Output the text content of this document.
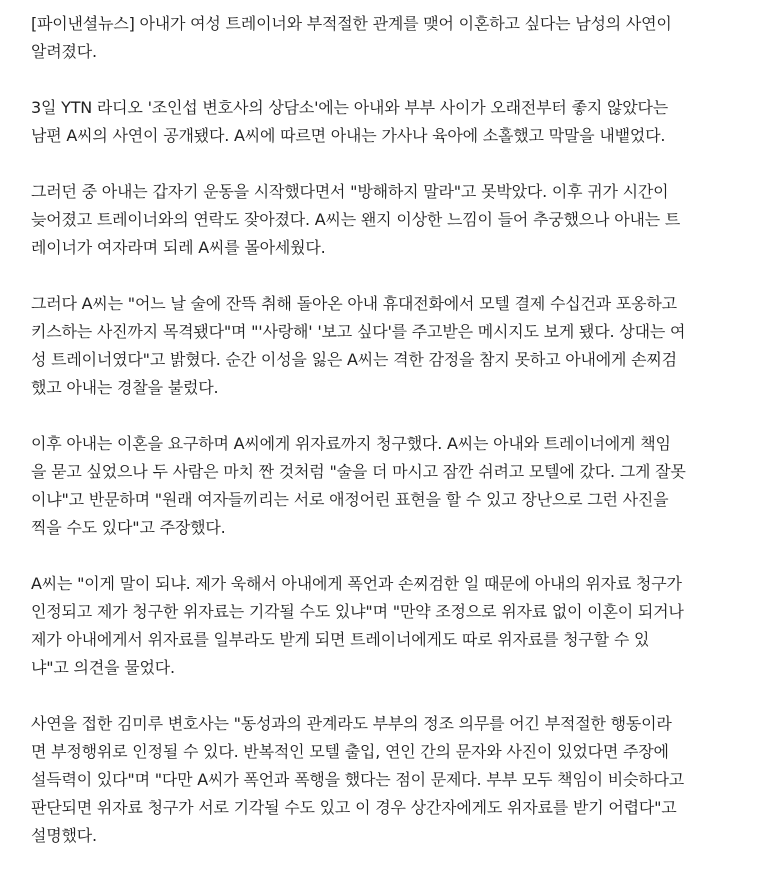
[파이낸셜뉴스] 아내가 여성 트레이너와 부적절한 관계를 맺어 이혼하고 싶다는 남성의 사연이
알려졌다.

3일 YTN 라디오 '조인섭 변호사의 상담소'에는 아내와 부부 사이가 오래전부터 좋지 않았다는
남편 A씨의 사연이 공개됐다. A씨에 따르면 아내는 가사나 육아에 소홀했고 막말을 내뱉었다.

그러던 중 아내는 갑자기 운동을 시작했다면서 "방해하지 말라"고 못박았다. 이후 귀가 시간이
늦어졌고 트레이너와의 연락도 잦아졌다. A씨는 왠지 이상한 느낌이 들어 추궁했으나 아내는 트
레이너가 여자라며 되레 A씨를 몰아세웠다.

그러다 A씨는 "어느 날 술에 잔뜩 취해 돌아온 아내 휴대전화에서 모텔 결제 수십건과 포옹하고
키스하는 사진까지 목격됐다"며 "'사랑해' '보고 싶다'를 주고받은 메시지도 보게 됐다. 상대는 여
성 트레이너였다"고 밝혔다. 순간 이성을 잃은 A씨는 격한 감정을 참지 못하고 아내에게 손찌검
했고 아내는 경찰을 불렀다.

이후 아내는 이혼을 요구하며 A씨에게 위자료까지 청구했다. A씨는 아내와 트레이너에게 책임
을 묻고 싶었으나 두 사람은 마치 짠 것처럼 "술을 더 마시고 잠깐 쉬려고 모텔에 갔다. 그게 잘못
이냐"고 반문하며 "원래 여자들끼리는 서로 애정어린 표현을 할 수 있고 장난으로 그런 사진을
찍을 수도 있다"고 주장했다.

A씨는 "이게 말이 되냐. 제가 욱해서 아내에게 폭언과 손찌검한 일 때문에 아내의 위자료 청구가
인정되고 제가 청구한 위자료는 기각될 수도 있냐"며 "만약 조정으로 위자료 없이 이혼이 되거나
제가 아내에게서 위자료를 일부라도 받게 되면 트레이너에게도 따로 위자료를 청구할 수 있
냐"고 의견을 물었다.

사연을 접한 김미루 변호사는 "동성과의 관계라도 부부의 정조 의무를 어긴 부적절한 행동이라
면 부정행위로 인정될 수 있다. 반복적인 모텔 출입, 연인 간의 문자와 사진이 있었다면 주장에
설득력이 있다"며 "다만 A씨가 폭언과 폭행을 했다는 점이 문제다. 부부 모두 책임이 비슷하다고
판단되면 위자료 청구가 서로 기각될 수도 있고 이 경우 상간자에게도 위자료를 받기 어렵다"고
설명했다.
